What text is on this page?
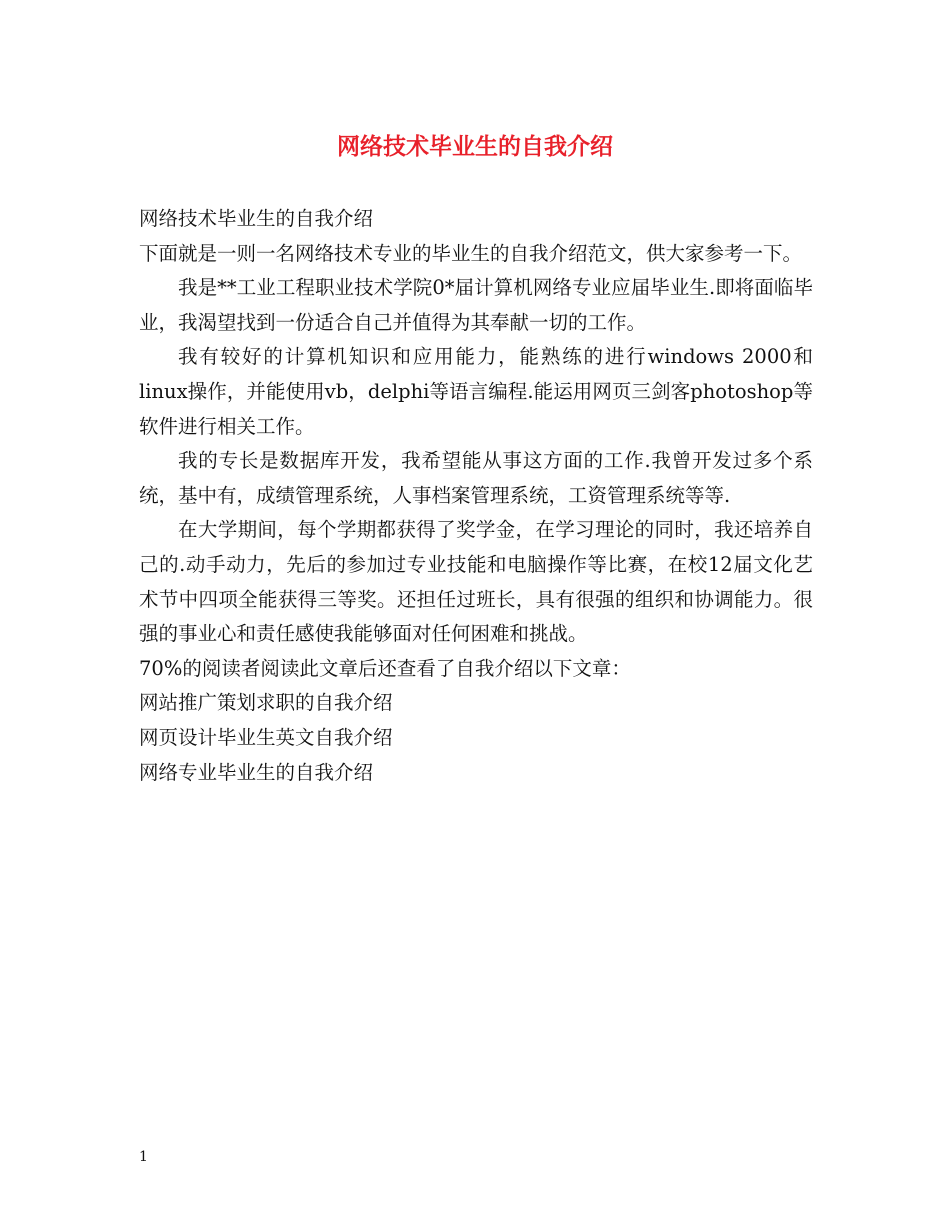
网络技术毕业生的自我介绍

网络技术毕业生的自我介绍

下面就是一则一名网络技术专业的毕业生的自我介绍范文，供大家参考一下。

我是**工业工程职业技术学院0*届计算机网络专业应届毕业生.即将面临毕业，我渴望找到一份适合自己并值得为其奉献一切的工作。

我有较好的计算机知识和应用能力，能熟练的进行windows 2000和linux操作，并能使用vb，delphi等语言编程.能运用网页三剑客photoshop等软件进行相关工作。

我的专长是数据库开发，我希望能从事这方面的工作.我曾开发过多个系统，基中有，成绩管理系统，人事档案管理系统，工资管理系统等等.

在大学期间，每个学期都获得了奖学金，在学习理论的同时，我还培养自己的.动手动力，先后的参加过专业技能和电脑操作等比赛，在校12届文化艺术节中四项全能获得三等奖。还担任过班长，具有很强的组织和协调能力。很强的事业心和责任感使我能够面对任何困难和挑战。

70%的阅读者阅读此文章后还查看了自我介绍以下文章：

网站推广策划求职的自我介绍

网页设计毕业生英文自我介绍

网络专业毕业生的自我介绍

1
